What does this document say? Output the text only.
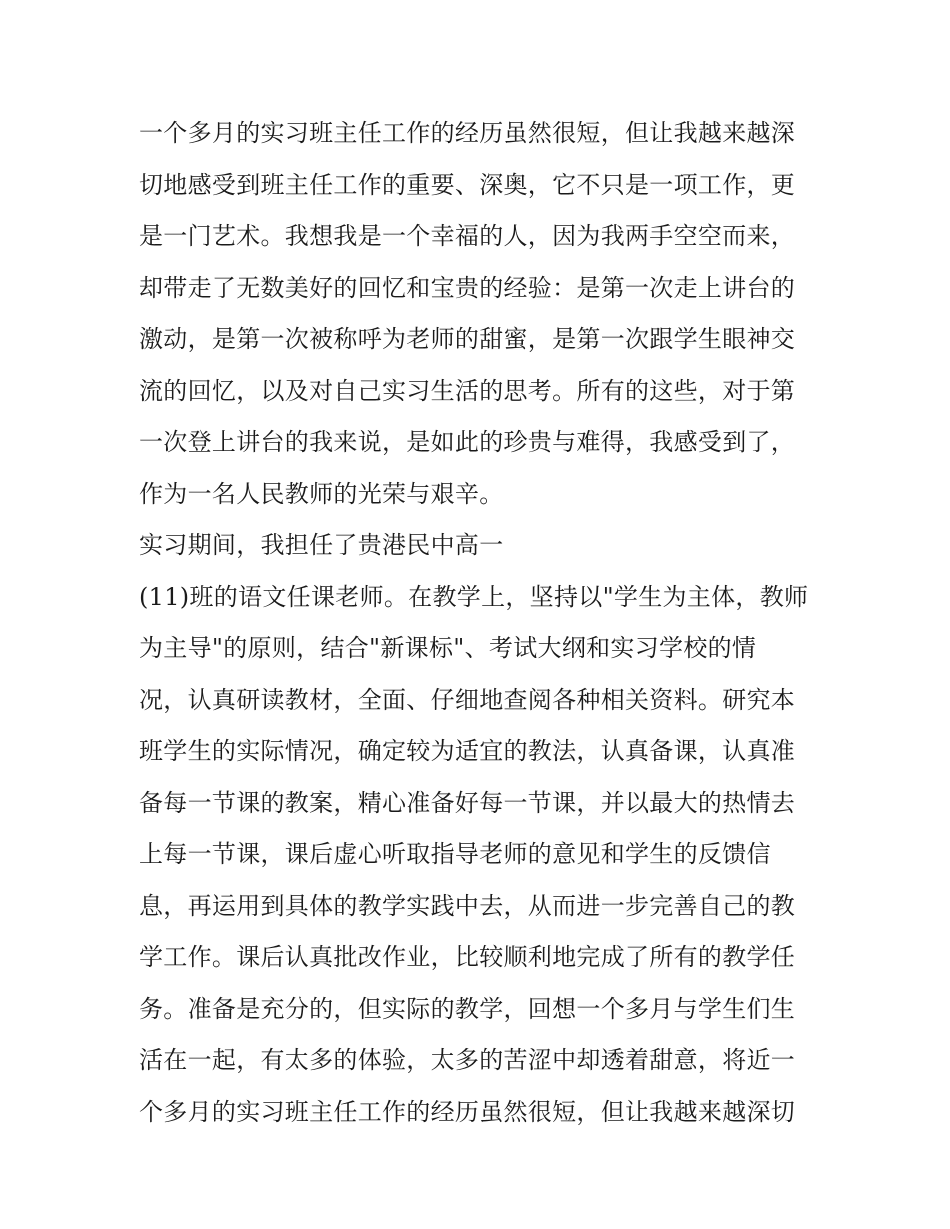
一个多月的实习班主任工作的经历虽然很短，但让我越来越深
切地感受到班主任工作的重要、深奥，它不只是一项工作，更
是一门艺术。我想我是一个幸福的人，因为我两手空空而来，
却带走了无数美好的回忆和宝贵的经验：是第一次走上讲台的
激动，是第一次被称呼为老师的甜蜜，是第一次跟学生眼神交
流的回忆，以及对自己实习生活的思考。所有的这些，对于第
一次登上讲台的我来说，是如此的珍贵与难得，我感受到了，
作为一名人民教师的光荣与艰辛。
实习期间，我担任了贵港民中高一
(11)班的语文任课老师。在教学上，坚持以"学生为主体，教师
为主导"的原则，结合"新课标"、考试大纲和实习学校的情
况，认真研读教材，全面、仔细地查阅各种相关资料。研究本
班学生的实际情况，确定较为适宜的教法，认真备课，认真准
备每一节课的教案，精心准备好每一节课，并以最大的热情去
上每一节课，课后虚心听取指导老师的意见和学生的反馈信
息，再运用到具体的教学实践中去，从而进一步完善自己的教
学工作。课后认真批改作业，比较顺利地完成了所有的教学任
务。准备是充分的，但实际的教学，回想一个多月与学生们生
活在一起，有太多的体验，太多的苦涩中却透着甜意，将近一
个多月的实习班主任工作的经历虽然很短，但让我越来越深切
